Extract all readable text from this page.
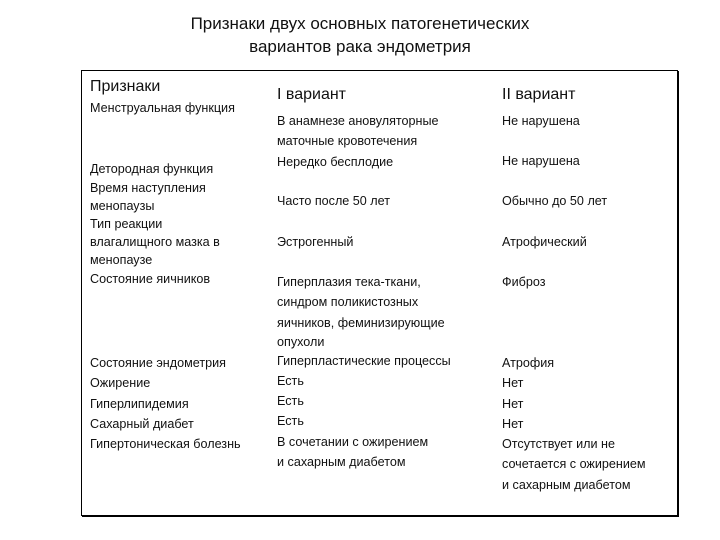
Признаки двух основных патогенетических
вариантов рака эндометрия
Признаки	I вариант	II вариант
Менструальная функция
Детородная функция
Время наступления
менопаузы
Тип реакции
влагалищного мазка в
менопаузе
Состояние яичников
Состояние эндометрия
Ожирение
Гиперлипидемия
Сахарный диабет
Гипертоническая болезнь
В анамнезе ановуляторные
маточные кровотечения
Нередко бесплодие
Часто после 50 лет
Эстрогенный
Гиперплазия тека-ткани,
синдром поликистозных
яичников, феминизирующие
опухоли
Гиперпластические процессы
Есть
Есть
Есть
В сочетании с ожирением
и сахарным диабетом
Не нарушена
Не нарушена
Обычно до 50 лет
Атрофический
Фиброз
Атрофия
Нет
Нет
Нет
Отсутствует или не
сочетается с ожирением
и сахарным диабетом
